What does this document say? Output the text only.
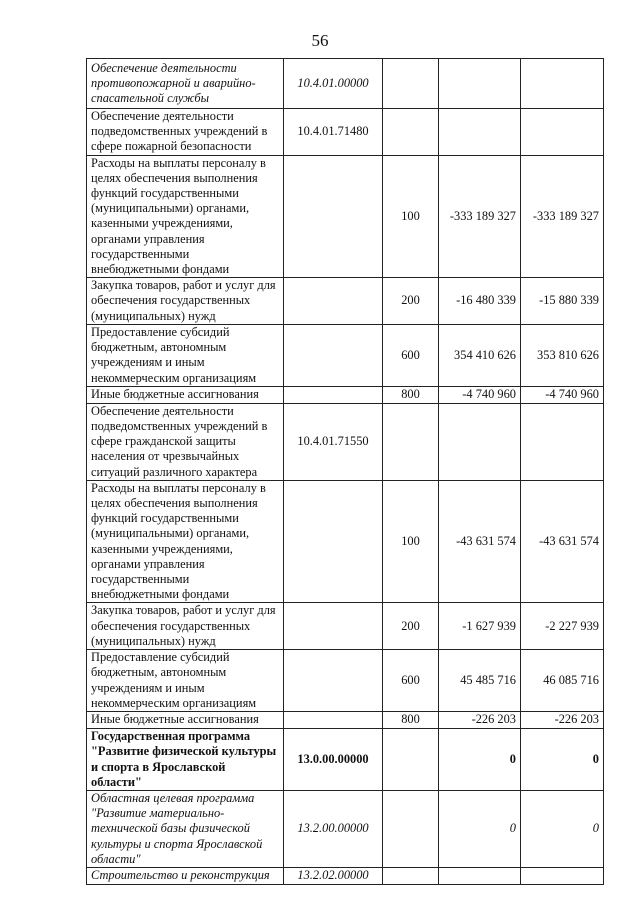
56
Обеспечение деятельности противопожарной и аварийно-спасательной службы	10.4.01.00000			
Обеспечение деятельности подведомственных учреждений в сфере пожарной безопасности	10.4.01.71480			
Расходы на выплаты персоналу в целях обеспечения выполнения функций государственными (муниципальными) органами, казенными учреждениями, органами управления государственными внебюджетными фондами		100	-333 189 327	-333 189 327
Закупка товаров, работ и услуг для обеспечения государственных (муниципальных) нужд		200	-16 480 339	-15 880 339
Предоставление субсидий бюджетным, автономным учреждениям и иным некоммерческим организациям		600	354 410 626	353 810 626
Иные бюджетные ассигнования		800	-4 740 960	-4 740 960
Обеспечение деятельности подведомственных учреждений в сфере гражданской защиты населения от чрезвычайных ситуаций различного характера	10.4.01.71550			
Расходы на выплаты персоналу в целях обеспечения выполнения функций государственными (муниципальными) органами, казенными учреждениями, органами управления государственными внебюджетными фондами		100	-43 631 574	-43 631 574
Закупка товаров, работ и услуг для обеспечения государственных (муниципальных) нужд		200	-1 627 939	-2 227 939
Предоставление субсидий бюджетным, автономным учреждениям и иным некоммерческим организациям		600	45 485 716	46 085 716
Иные бюджетные ассигнования		800	-226 203	-226 203
Государственная программа "Развитие физической культуры и спорта в Ярославской области"	13.0.00.00000		0	0
Областная целевая программа "Развитие материально-технической базы физической культуры и спорта Ярославской области"	13.2.00.00000		0	0
Строительство и реконструкция	13.2.02.00000			
